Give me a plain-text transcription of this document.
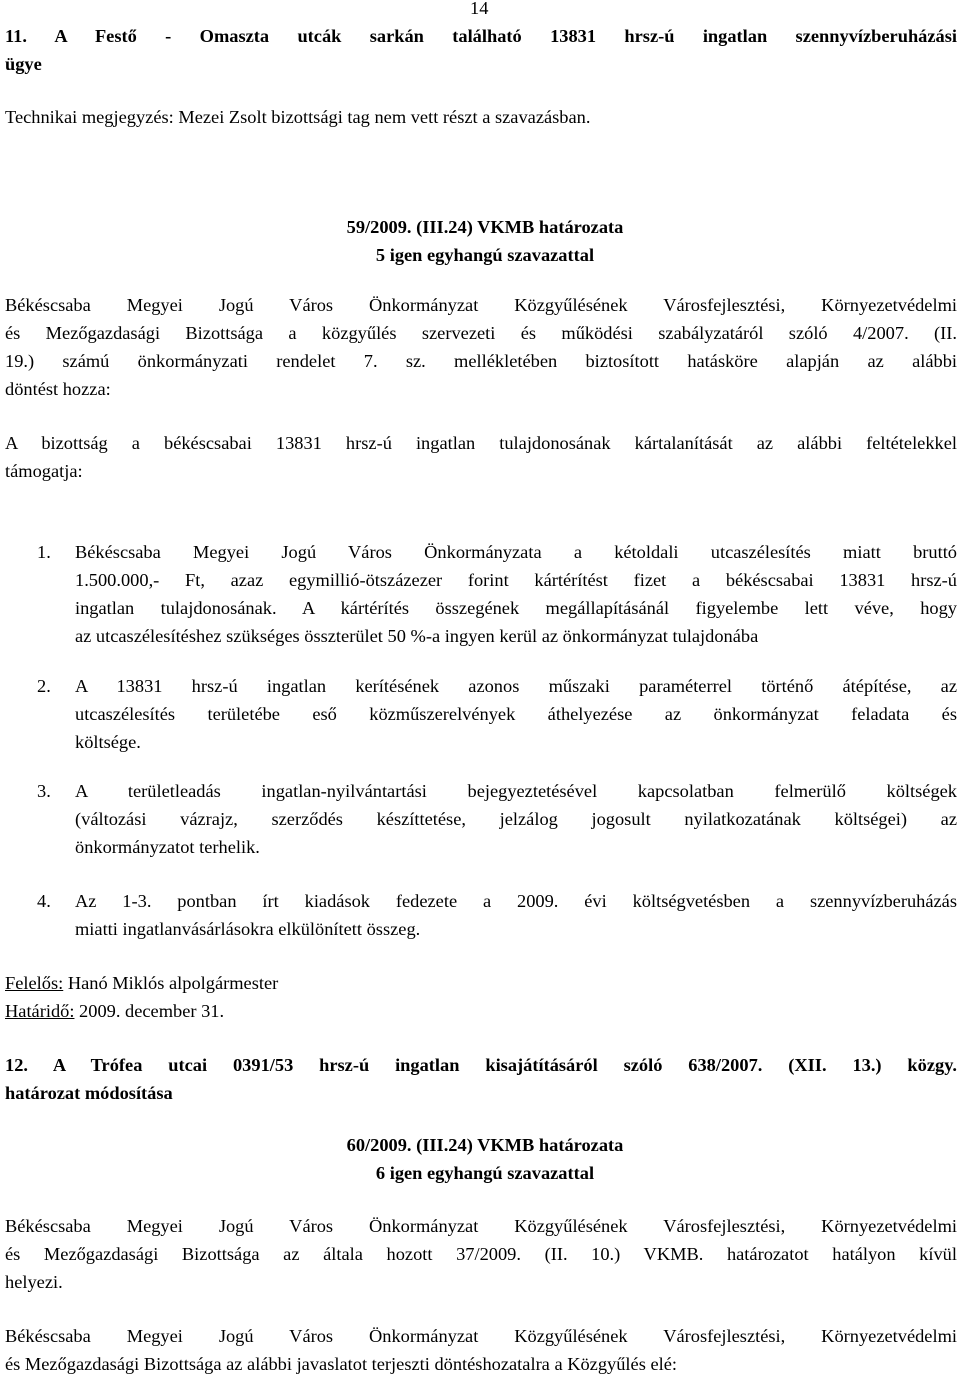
14
11. A Festő - Omaszta utcák sarkán található 13831 hrsz-ú ingatlan szennyvízberuházási
ügye
Technikai megjegyzés: Mezei Zsolt bizottsági tag nem vett részt a szavazásban.
59/2009. (III.24) VKMB határozata
5 igen egyhangú szavazattal
Békéscsaba Megyei Jogú Város Önkormányzat Közgyűlésének Városfejlesztési, Környezetvédelmi
és Mezőgazdasági Bizottsága a közgyűlés szervezeti és működési szabályzatáról szóló 4/2007. (II.
19.) számú önkormányzati rendelet 7. sz. mellékletében biztosított hatásköre alapján az alábbi
döntést hozza:
A bizottság a békéscsabai 13831 hrsz-ú ingatlan tulajdonosának kártalanítását az alábbi feltételekkel
támogatja:
1. Békéscsaba Megyei Jogú Város Önkormányzata a kétoldali utcaszélesítés miatt bruttó
1.500.000,- Ft, azaz egymillió-ötszázezer forint kártérítést fizet a békéscsabai 13831 hrsz-ú
ingatlan tulajdonosának. A kártérítés összegének megállapításánál figyelembe lett véve, hogy
az utcaszélesítéshez szükséges összterület 50 %-a ingyen kerül az önkormányzat tulajdonába
2. A 13831 hrsz-ú ingatlan kerítésének azonos műszaki paraméterrel történő átépítése, az
utcaszélesítés területébe eső közműszerelvények áthelyezése az önkormányzat feladata és
költsége.
3. A területleadás ingatlan-nyilvántartási bejegyeztetésével kapcsolatban felmerülő költségek
(változási vázrajz, szerződés készíttetése, jelzálog jogosult nyilatkozatának költségei) az
önkormányzatot terhelik.
4. Az 1-3. pontban írt kiadások fedezete a 2009. évi költségvetésben a szennyvízberuházás
miatti ingatlanvásárlásokra elkülönített összeg.
Felelős: Hanó Miklós alpolgármester
Határidő: 2009. december 31.
12. A Trófea utcai 0391/53 hrsz-ú ingatlan kisajátításáról szóló 638/2007. (XII. 13.) közgy.
határozat módosítása
60/2009. (III.24) VKMB határozata
6 igen egyhangú szavazattal
Békéscsaba Megyei Jogú Város Önkormányzat Közgyűlésének Városfejlesztési, Környezetvédelmi
és Mezőgazdasági Bizottsága az általa hozott 37/2009. (II. 10.) VKMB. határozatot hatályon kívül
helyezi.
Békéscsaba Megyei Jogú Város Önkormányzat Közgyűlésének Városfejlesztési, Környezetvédelmi
és Mezőgazdasági Bizottsága az alábbi javaslatot terjeszti döntéshozatalra a Közgyűlés elé:
